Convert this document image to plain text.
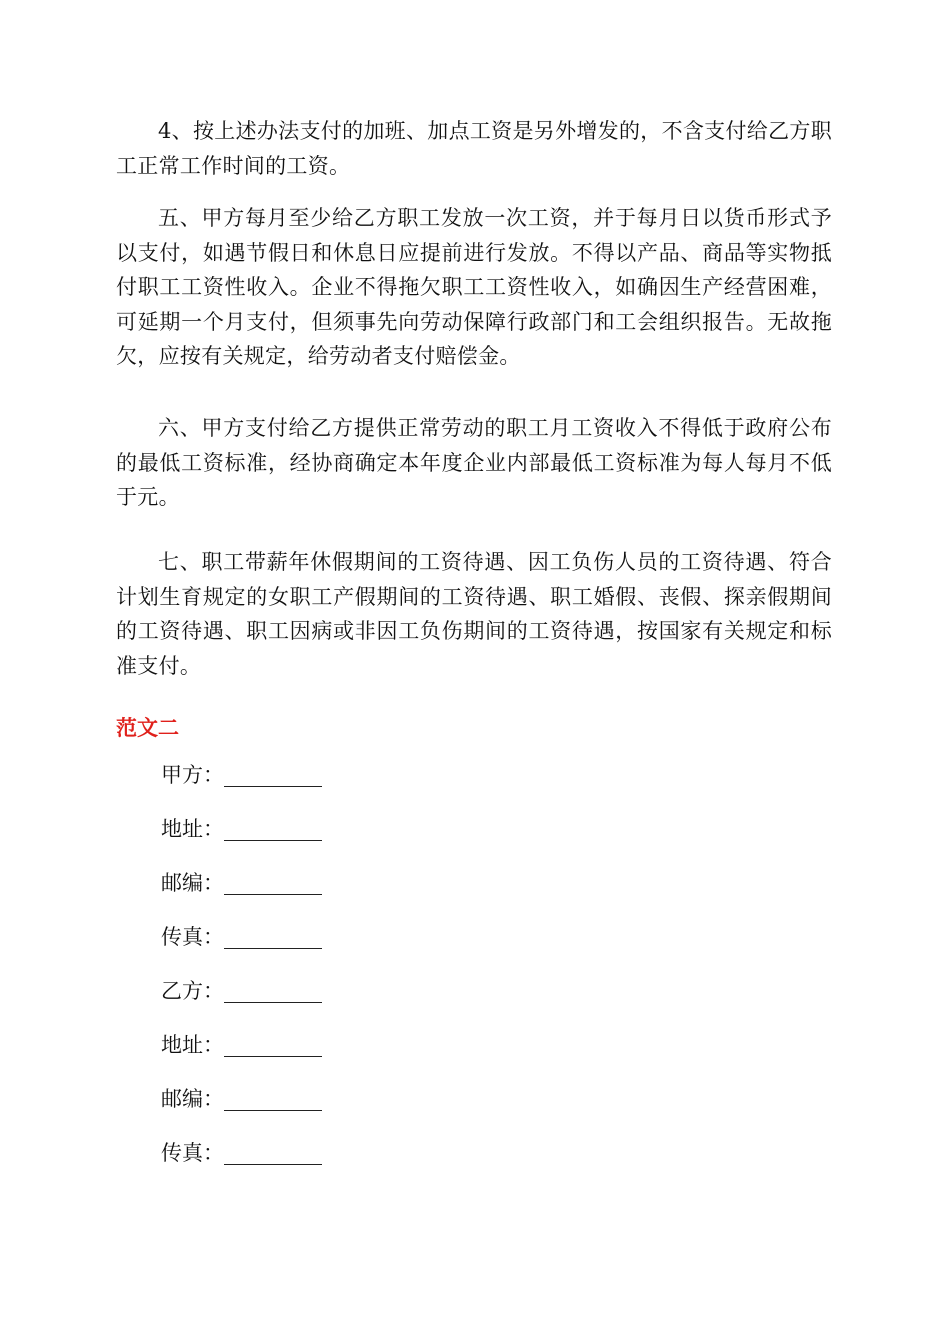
4、按上述办法支付的加班、加点工资是另外增发的，不含支付给乙方职工正常工作时间的工资。

五、甲方每月至少给乙方职工发放一次工资，并于每月日以货币形式予以支付，如遇节假日和休息日应提前进行发放。不得以产品、商品等实物抵付职工工资性收入。企业不得拖欠职工工资性收入，如确因生产经营困难，可延期一个月支付，但须事先向劳动保障行政部门和工会组织报告。无故拖欠，应按有关规定，给劳动者支付赔偿金。

六、甲方支付给乙方提供正常劳动的职工月工资收入不得低于政府公布的最低工资标准，经协商确定本年度企业内部最低工资标准为每人每月不低于元。

七、职工带薪年休假期间的工资待遇、因工负伤人员的工资待遇、符合计划生育规定的女职工产假期间的工资待遇、职工婚假、丧假、探亲假期间的工资待遇、职工因病或非因工负伤期间的工资待遇，按国家有关规定和标准支付。

范文二
甲方：
地址：
邮编：
传真：
乙方：
地址：
邮编：
传真：
